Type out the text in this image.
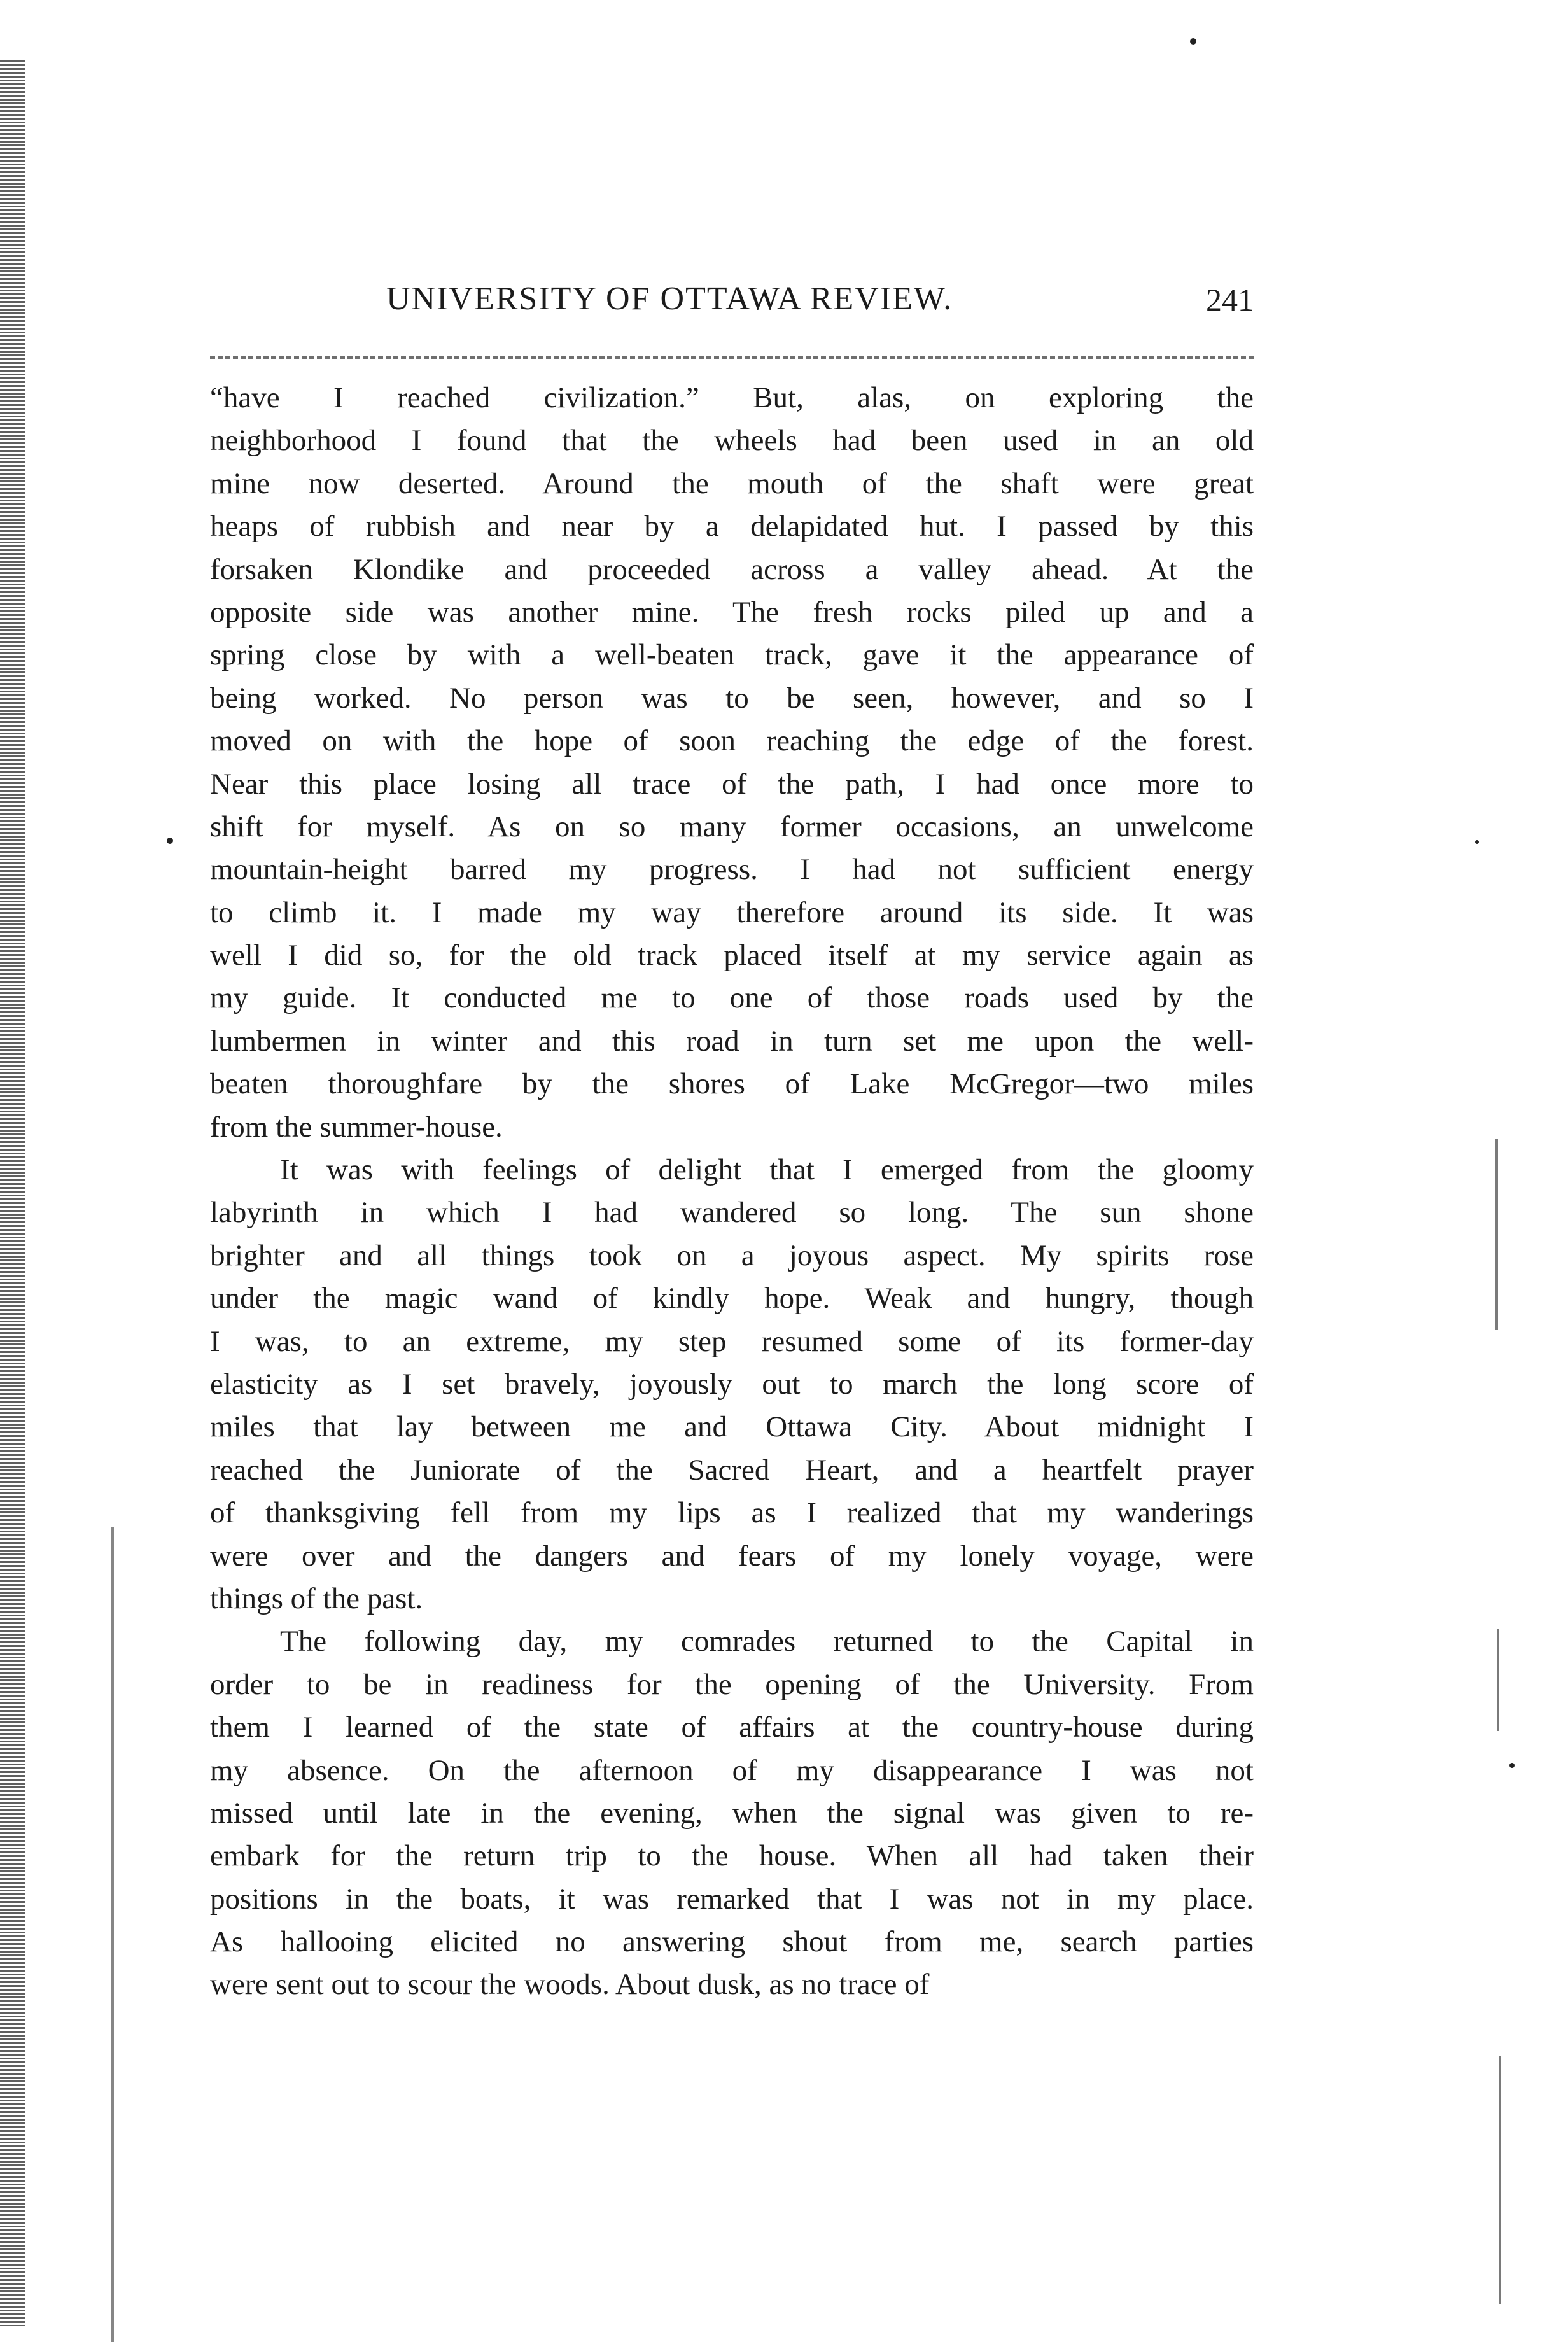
UNIVERSITY OF OTTAWA REVIEW.	241
“have I reached civilization.” But, alas, on exploring the
neighborhood I found that the wheels had been used in an old
mine now deserted. Around the mouth of the shaft were great
heaps of rubbish and near by a delapidated hut. I passed by this
forsaken Klondike and proceeded across a valley ahead. At the
opposite side was another mine. The fresh rocks piled up and a
spring close by with a well-beaten track, gave it the appearance of
being worked. No person was to be seen, however, and so I
moved on with the hope of soon reaching the edge of the forest.
Near this place losing all trace of the path, I had once more to
shift for myself. As on so many former occasions, an unwelcome
mountain-height barred my progress. I had not sufficient energy
to climb it. I made my way therefore around its side. It was
well I did so, for the old track placed itself at my service again as
my guide. It conducted me to one of those roads used by the
lumbermen in winter and this road in turn set me upon the well-
beaten thoroughfare by the shores of Lake McGregor—two miles
from the summer-house.
It was with feelings of delight that I emerged from the gloomy
labyrinth in which I had wandered so long. The sun shone
brighter and all things took on a joyous aspect. My spirits rose
under the magic wand of kindly hope. Weak and hungry, though
I was, to an extreme, my step resumed some of its former-day
elasticity as I set bravely, joyously out to march the long score of
miles that lay between me and Ottawa City. About midnight I
reached the Juniorate of the Sacred Heart, and a heartfelt prayer
of thanksgiving fell from my lips as I realized that my wanderings
were over and the dangers and fears of my lonely voyage, were
things of the past.
The following day, my comrades returned to the Capital in
order to be in readiness for the opening of the University. From
them I learned of the state of affairs at the country-house during
my absence. On the afternoon of my disappearance I was not
missed until late in the evening, when the signal was given to re-
embark for the return trip to the house. When all had taken their
positions in the boats, it was remarked that I was not in my place.
As hallooing elicited no answering shout from me, search parties
were sent out to scour the woods. About dusk, as no trace of
